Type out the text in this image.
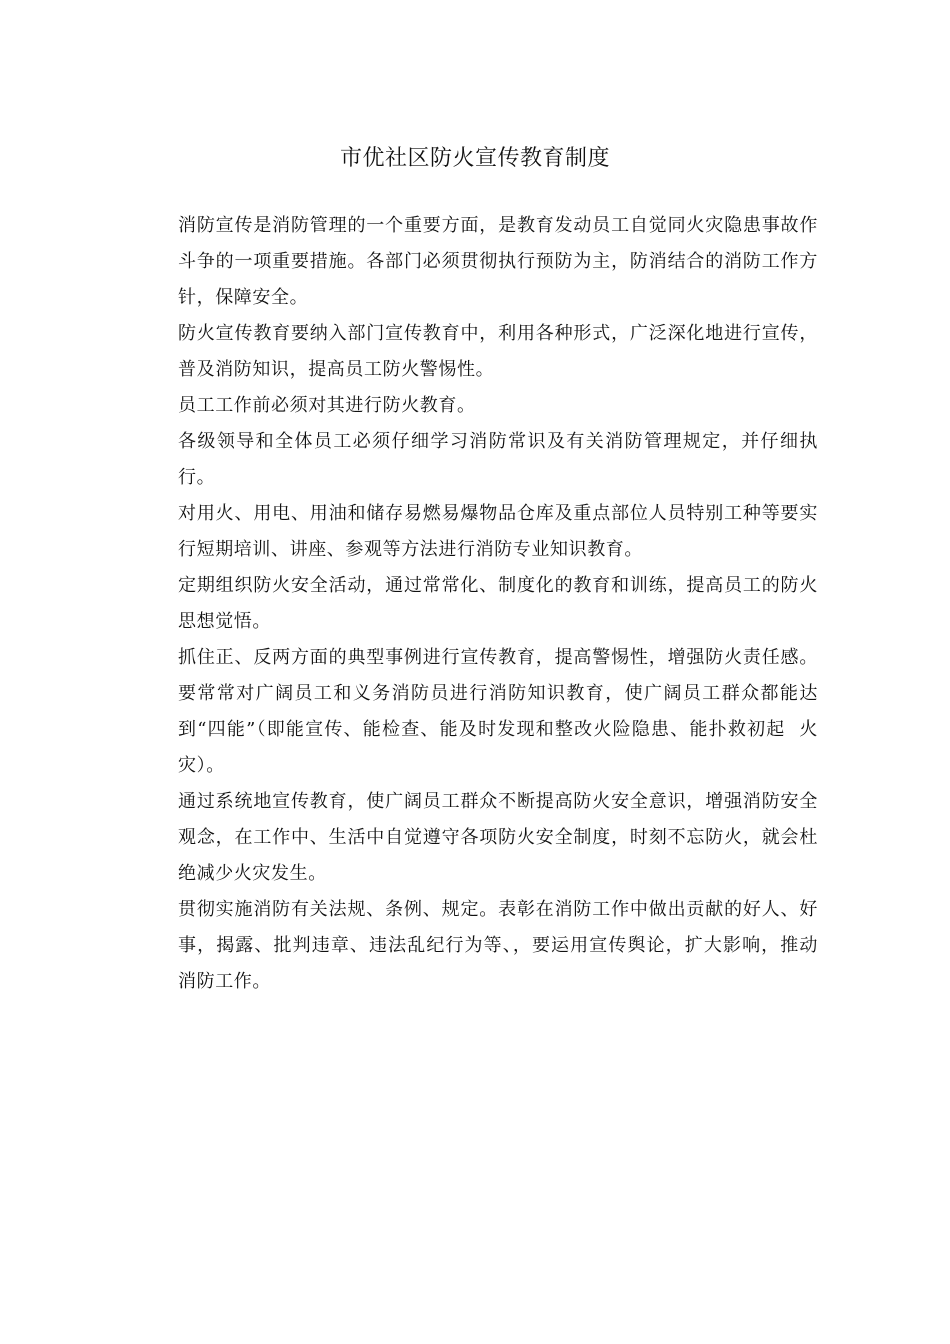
市优社区防火宣传教育制度

消防宣传是消防管理的一个重要方面，是教育发动员工自觉同火灾隐患事故作斗争的一项重要措施。各部门必须贯彻执行预防为主，防消结合的消防工作方针，保障安全。

防火宣传教育要纳入部门宣传教育中，利用各种形式，广泛深化地进行宣传，  普及消防知识，提高员工防火警惕性。

员工工作前必须对其进行防火教育。

各级领导和全体员工必须仔细学习消防常识及有关消防管理规定，并仔细执行。

对用火、用电、用油和储存易燃易爆物品仓库及重点部位人员特别工种等要实行短期培训、讲座、参观等方法进行消防专业知识教育。

定期组织防火安全活动，通过常常化、制度化的教育和训练，提高员工的防火思想觉悟。

抓住正、反两方面的典型事例进行宣传教育，提高警惕性，增强防火责任感。  要常常对广阔员工和义务消防员进行消防知识教育，使广阔员工群众都能达  到“四能”（即能宣传、能检查、能及时发现和整改火险隐患、能扑救初起  火灾）。

通过系统地宣传教育，使广阔员工群众不断提高防火安全意识，增强消防安全观念，在工作中、生活中自觉遵守各项防火安全制度，时刻不忘防火，就会杜绝减少火灾发生。

贯彻实施消防有关法规、条例、规定。表彰在消防工作中做出贡献的好人、好事，揭露、批判违章、违法乱纪行为等、，要运用宣传舆论，扩大影响，推动消防工作。
